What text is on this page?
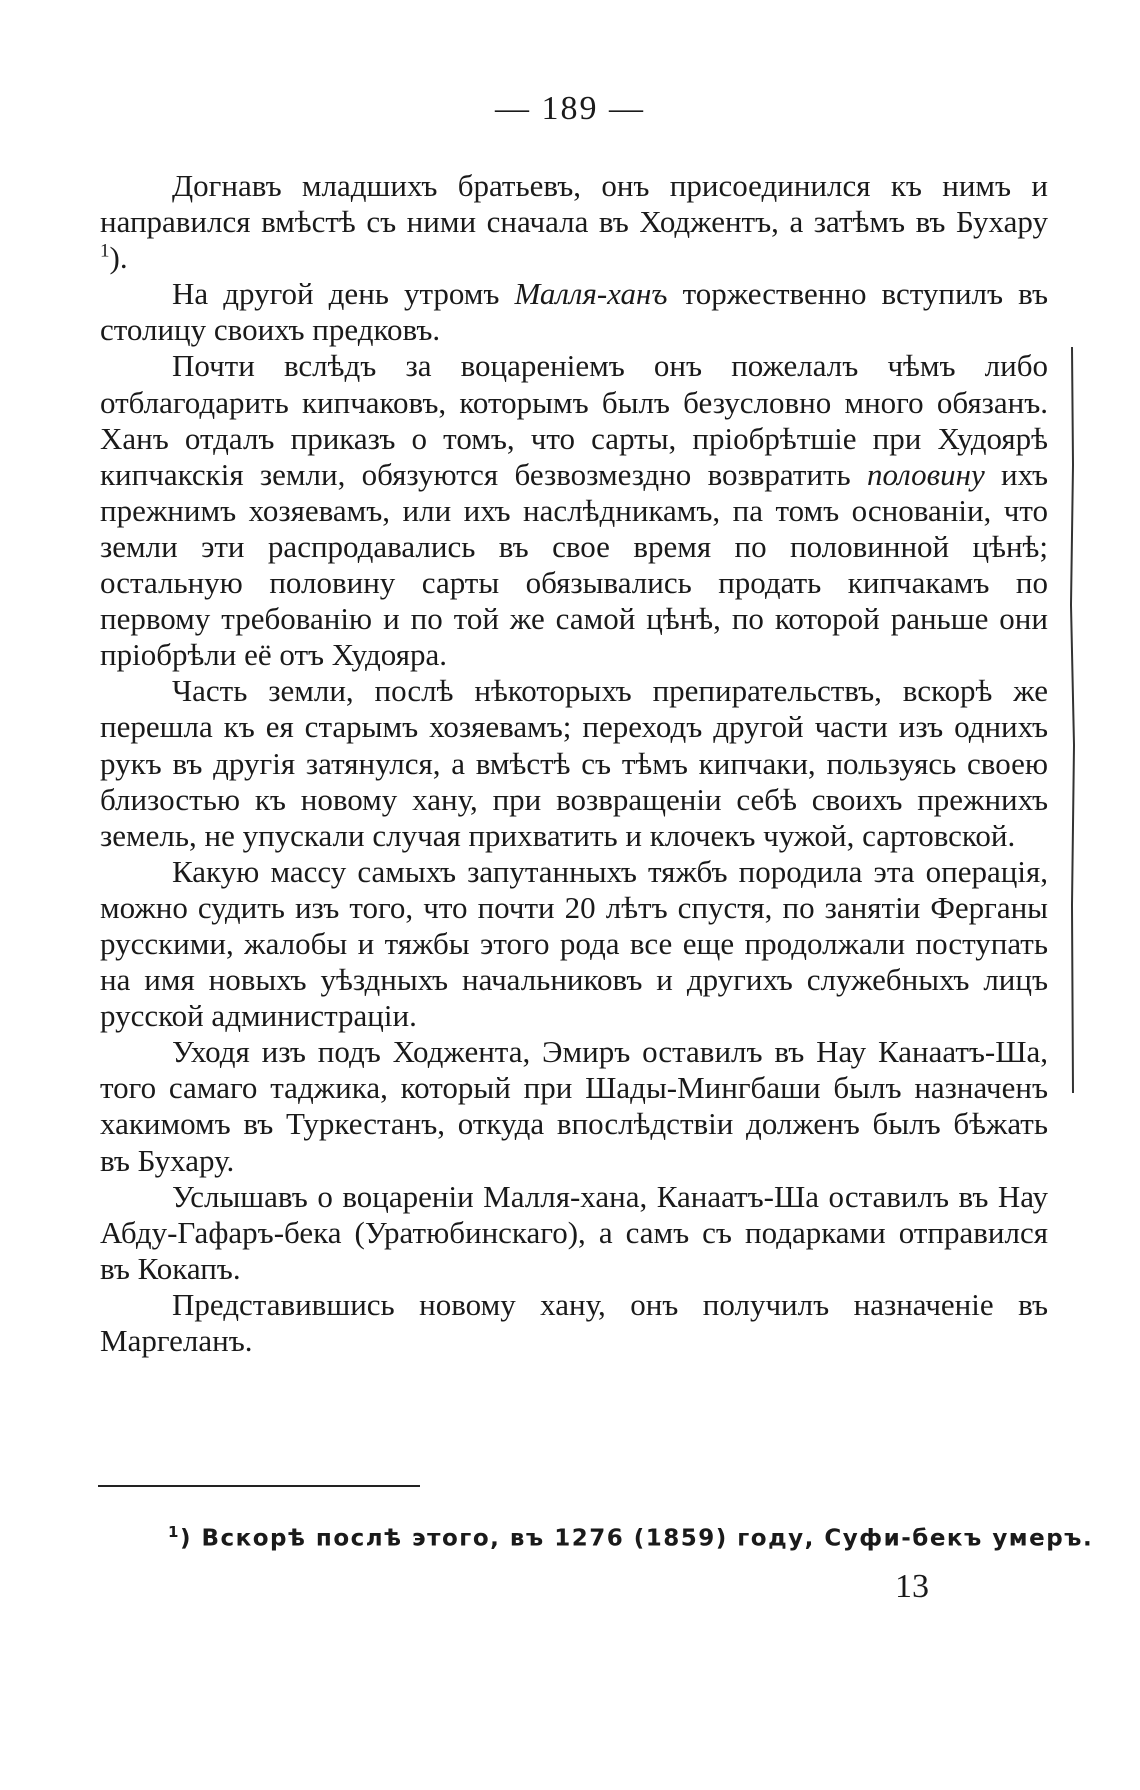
— 189 —

Догнавъ младшихъ братьевъ, онъ присоединился къ нимъ и направился вмѣстѣ съ ними сначала въ Ходжентъ, а затѣмъ въ Бухару $^1$).

На другой день утромъ Малля-ханъ торжественно вступилъ въ столицу своихъ предковъ.

Почти вслѣдъ за воцареніемъ онъ пожелалъ чѣмъ либо отблагодарить кипчаковъ, которымъ былъ безусловно много обязанъ. Ханъ отдалъ приказъ о томъ, что сарты, пріобрѣтшіе при Худоярѣ кипчакскія земли, обязуются безвозмездно возвратить половину ихъ прежнимъ хозяевамъ, или ихъ наслѣдникамъ, па томъ основаніи, что земли эти распродавались въ свое время по половинной цѣнѣ; остальную половину сарты обязывались продать кипчакамъ по первому требованію и по той же самой цѣнѣ, по которой раньше они пріобрѣли её отъ Худояра.

Часть земли, послѣ нѣкоторыхъ препирательствъ, вскорѣ же перешла къ ея старымъ хозяевамъ; переходъ другой части изъ однихъ рукъ въ другія затянулся, а вмѣстѣ съ тѣмъ кипчаки, пользуясь своею близостью къ новому хану, при возвращеніи себѣ своихъ прежнихъ земель, не упускали случая прихватить и клочекъ чужой, сартовской.

Какую массу самыхъ запутанныхъ тяжбъ породила эта операція, можно судить изъ того, что почти 20 лѣтъ спустя, по занятіи Ферганы русскими, жалобы и тяжбы этого рода все еще продолжали поступать на имя новыхъ уѣздныхъ начальниковъ и другихъ служебныхъ лицъ русской администраціи.

Уходя изъ подъ Ходжента, Эмиръ оставилъ въ Нау Канаатъ-Ша, того самаго таджика, который при Шады-Мингбаши былъ назначенъ хакимомъ въ Туркестанъ, откуда впослѣдствіи долженъ былъ бѣжать въ Бухару.

Услышавъ о воцареніи Малля-хана, Канаатъ-Ша оставилъ въ Нау Абду-Гафаръ-бека (Уратюбинскаго), а самъ съ подарками отправился въ Кокапъ.

Представившись новому хану, онъ получилъ назначеніе въ Маргеланъ.

$^1$) Вскорѣ послѣ этого, въ 1276 (1859) году, Суфи-бекъ умеръ.
13
